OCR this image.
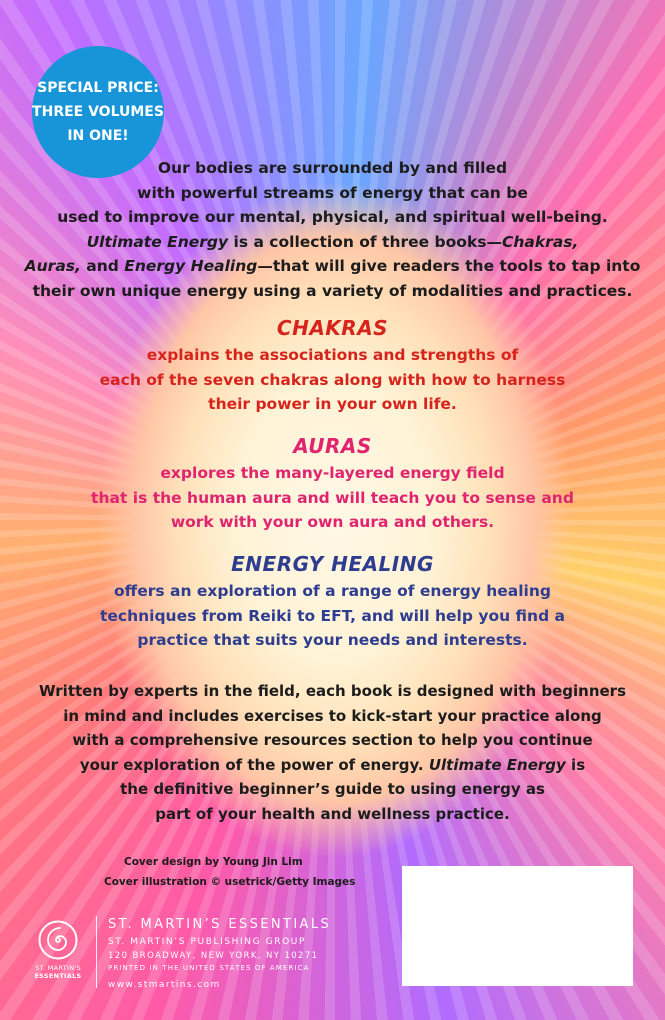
SPECIAL PRICE:
THREE VOLUMES
IN ONE!
Our bodies are surrounded by and filled
with powerful streams of energy that can be
used to improve our mental, physical, and spiritual well-being.
Ultimate Energy is a collection of three books—Chakras,
Auras, and Energy Healing—that will give readers the tools to tap into
their own unique energy using a variety of modalities and practices.
CHAKRAS
explains the associations and strengths of
each of the seven chakras along with how to harness
their power in your own life.
AURAS
explores the many-layered energy field
that is the human aura and will teach you to sense and
work with your own aura and others.
ENERGY HEALING
offers an exploration of a range of energy healing
techniques from Reiki to EFT, and will help you find a
practice that suits your needs and interests.
Written by experts in the field, each book is designed with beginners
in mind and includes exercises to kick-start your practice along
with a comprehensive resources section to help you continue
your exploration of the power of energy. Ultimate Energy is
the definitive beginner’s guide to using energy as
part of your health and wellness practice.
Cover design by Young Jin Lim
Cover illustration © usetrick/Getty Images
ST. MARTIN'S
ESSENTIALS
ST. MARTIN’S ESSENTIALS
ST. MARTIN’S PUBLISHING GROUP
120 BROADWAY, NEW YORK, NY 10271
PRINTED IN THE UNITED STATES OF AMERICA
www.stmartins.com
